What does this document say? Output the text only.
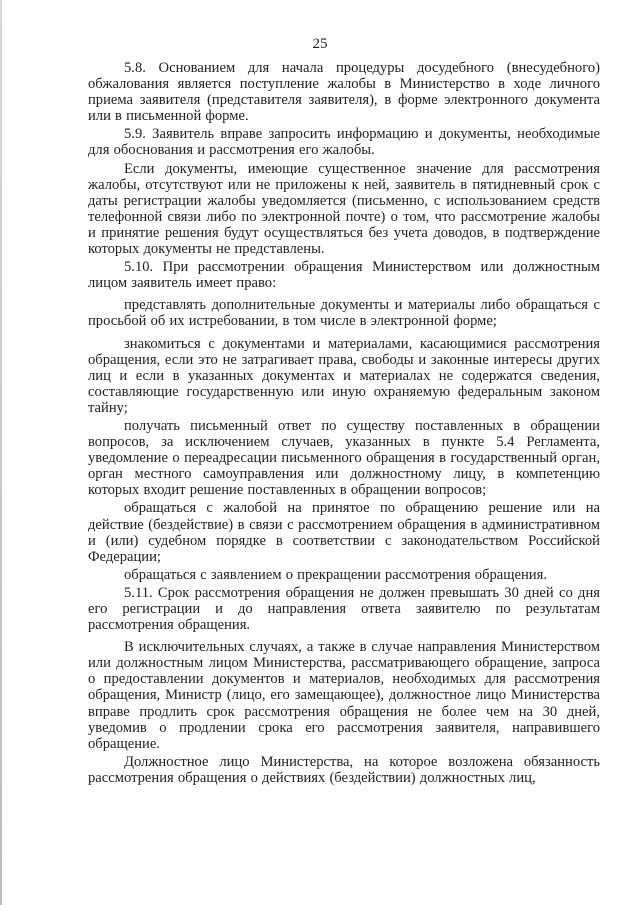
25

5.8. Основанием для начала процедуры досудебного (внесудебного) обжалования является поступление жалобы в Министерство в ходе личного приема заявителя (представителя заявителя), в форме электронного документа или в письменной форме.

5.9. Заявитель вправе запросить информацию и документы, необходимые для обоснования и рассмотрения его жалобы.

Если документы, имеющие существенное значение для рассмотрения жалобы, отсутствуют или не приложены к ней, заявитель в пятидневный срок с даты регистрации жалобы уведомляется (письменно, с использованием средств телефонной связи либо по электронной почте) о том, что рассмотрение жалобы и принятие решения будут осуществляться без учета доводов, в подтверждение которых документы не представлены.

5.10. При рассмотрении обращения Министерством или должностным лицом заявитель имеет право:

представлять дополнительные документы и материалы либо обращаться с просьбой об их истребовании, в том числе в электронной форме;

знакомиться с документами и материалами, касающимися рассмотрения обращения, если это не затрагивает права, свободы и законные интересы других лиц и если в указанных документах и материалах не содержатся сведения, составляющие государственную или иную охраняемую федеральным законом тайну;

получать письменный ответ по существу поставленных в обращении вопросов, за исключением случаев, указанных в пункте 5.4 Регламента, уведомление о переадресации письменного обращения в государственный орган, орган местного самоуправления или должностному лицу, в компетенцию которых входит решение поставленных в обращении вопросов;

обращаться с жалобой на принятое по обращению решение или на действие (бездействие) в связи с рассмотрением обращения в административном и (или) судебном порядке в соответствии с законодательством Российской Федерации;

обращаться с заявлением о прекращении рассмотрения обращения.

5.11. Срок рассмотрения обращения не должен превышать 30 дней со дня его регистрации и до направления ответа заявителю по результатам рассмотрения обращения.

В исключительных случаях, а также в случае направления Министерством или должностным лицом Министерства, рассматривающего обращение, запроса о предоставлении документов и материалов, необходимых для рассмотрения обращения, Министр (лицо, его замещающее), должностное лицо Министерства вправе продлить срок рассмотрения обращения не более чем на 30 дней, уведомив о продлении срока его рассмотрения заявителя, направившего обращение.

Должностное лицо Министерства, на которое возложена обязанность рассмотрения обращения о действиях (бездействии) должностных лиц,
